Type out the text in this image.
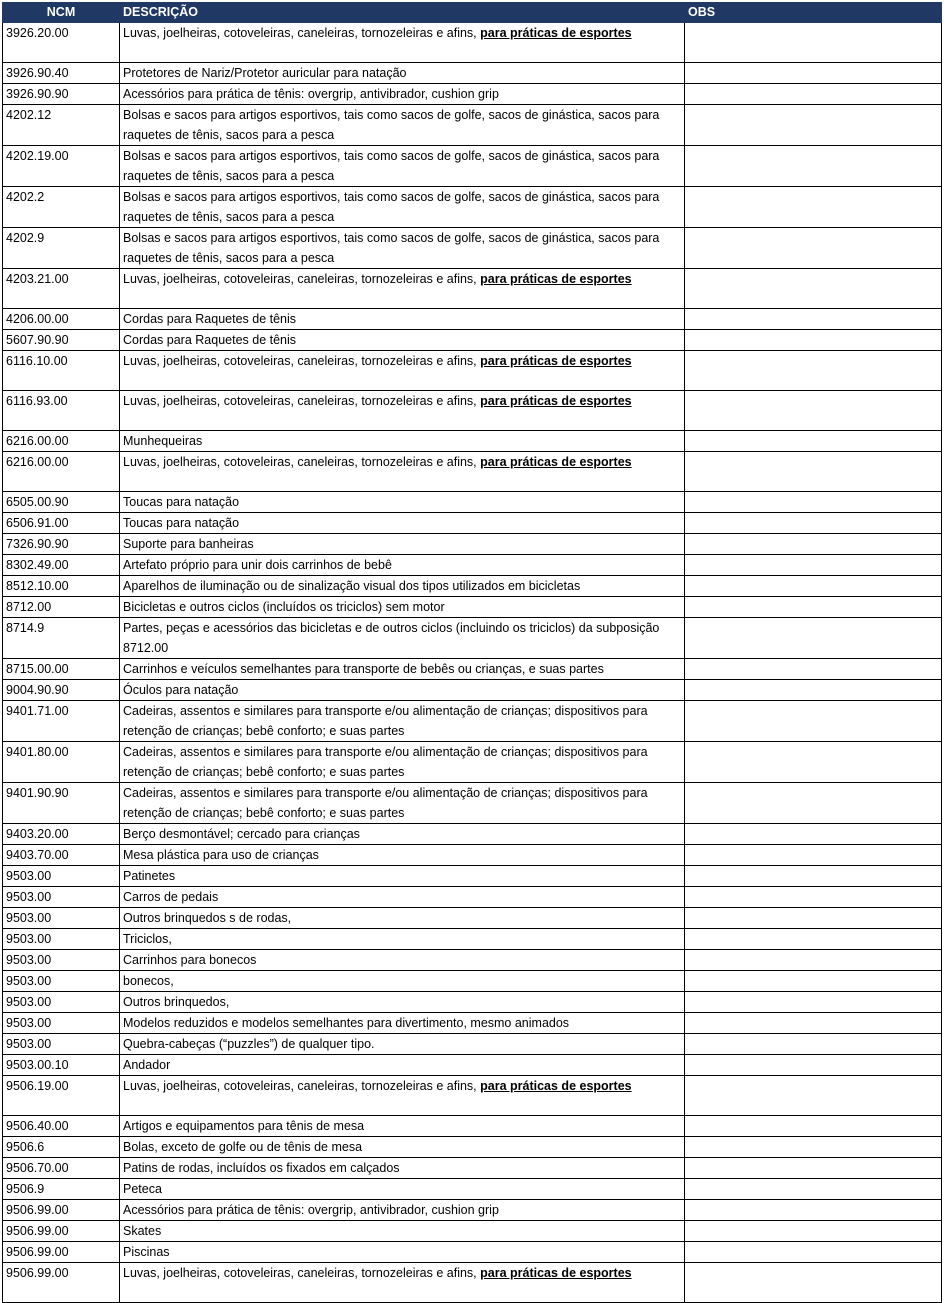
NCM	DESCRIÇÃO	OBS
3926.20.00	Luvas, joelheiras, cotoveleiras, caneleiras, tornozeleiras e afins, para práticas de esportes	
3926.90.40	Protetores de Nariz/Protetor auricular para natação	
3926.90.90	Acessórios para prática de tênis: overgrip, antivibrador, cushion grip	
4202.12	Bolsas e sacos para artigos esportivos, tais como sacos de golfe, sacos de ginástica, sacos para raquetes de tênis, sacos para a pesca	
4202.19.00	Bolsas e sacos para artigos esportivos, tais como sacos de golfe, sacos de ginástica, sacos para raquetes de tênis, sacos para a pesca	
4202.2	Bolsas e sacos para artigos esportivos, tais como sacos de golfe, sacos de ginástica, sacos para raquetes de tênis, sacos para a pesca	
4202.9	Bolsas e sacos para artigos esportivos, tais como sacos de golfe, sacos de ginástica, sacos para raquetes de tênis, sacos para a pesca	
4203.21.00	Luvas, joelheiras, cotoveleiras, caneleiras, tornozeleiras e afins, para práticas de esportes	
4206.00.00	Cordas para Raquetes de tênis	
5607.90.90	Cordas para Raquetes de tênis	
6116.10.00	Luvas, joelheiras, cotoveleiras, caneleiras, tornozeleiras e afins, para práticas de esportes	
6116.93.00	Luvas, joelheiras, cotoveleiras, caneleiras, tornozeleiras e afins, para práticas de esportes	
6216.00.00	Munhequeiras	
6216.00.00	Luvas, joelheiras, cotoveleiras, caneleiras, tornozeleiras e afins, para práticas de esportes	
6505.00.90	Toucas para natação	
6506.91.00	Toucas para natação	
7326.90.90	Suporte para banheiras	
8302.49.00	Artefato próprio para unir dois carrinhos de bebê	
8512.10.00	Aparelhos de iluminação ou de sinalização visual dos tipos utilizados em bicicletas	
8712.00	Bicicletas e outros ciclos (incluídos os triciclos) sem motor	
8714.9	Partes, peças e acessórios das bicicletas e de outros ciclos (incluindo os triciclos) da subposição 8712.00	
8715.00.00	Carrinhos e veículos semelhantes para transporte de bebês ou crianças, e suas partes	
9004.90.90	Óculos para natação	
9401.71.00	Cadeiras, assentos e similares para transporte e/ou alimentação de crianças; dispositivos para retenção de crianças; bebê conforto; e suas partes	
9401.80.00	Cadeiras, assentos e similares para transporte e/ou alimentação de crianças; dispositivos para retenção de crianças; bebê conforto; e suas partes	
9401.90.90	Cadeiras, assentos e similares para transporte e/ou alimentação de crianças; dispositivos para retenção de crianças; bebê conforto; e suas partes	
9403.20.00	Berço desmontável; cercado para crianças	
9403.70.00	Mesa plástica para uso de crianças	
9503.00	Patinetes	
9503.00	Carros de pedais	
9503.00	Outros brinquedos s de rodas,	
9503.00	Triciclos,	
9503.00	Carrinhos para bonecos	
9503.00	bonecos,	
9503.00	Outros brinquedos,	
9503.00	Modelos reduzidos e modelos semelhantes para divertimento, mesmo animados	
9503.00	Quebra-cabeças (“puzzles”) de qualquer tipo.	
9503.00.10	Andador	
9506.19.00	Luvas, joelheiras, cotoveleiras, caneleiras, tornozeleiras e afins, para práticas de esportes	
9506.40.00	Artigos e equipamentos para tênis de mesa	
9506.6	Bolas, exceto de golfe ou de tênis de mesa	
9506.70.00	Patins de rodas, incluídos os fixados em calçados	
9506.9	Peteca	
9506.99.00	Acessórios para prática de tênis: overgrip, antivibrador, cushion grip	
9506.99.00	Skates	
9506.99.00	Piscinas	
9506.99.00	Luvas, joelheiras, cotoveleiras, caneleiras, tornozeleiras e afins, para práticas de esportes	
